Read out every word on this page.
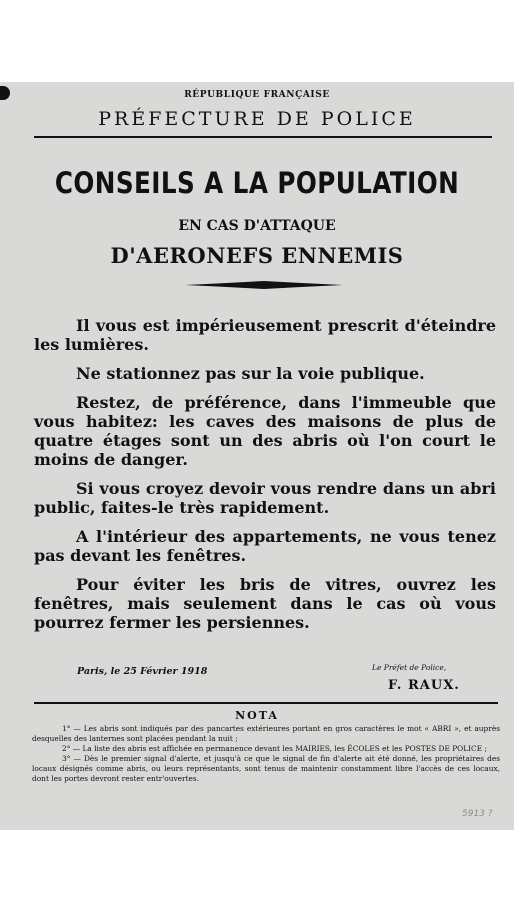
RÉPUBLIQUE FRANÇAISE
PRÉFECTURE DE POLICE
CONSEILS A LA POPULATION
EN CAS D'ATTAQUE
D'AERONEFS ENNEMIS

Il vous est impérieusement prescrit d'éteindre les lumières.

Ne stationnez pas sur la voie publique.

Restez, de préférence, dans l'immeuble que vous habitez: les caves des maisons de plus de quatre étages sont un des abris où l'on court le moins de danger.

Si vous croyez devoir vous rendre dans un abri public, faites-le très rapidement.

A l'intérieur des appartements, ne vous tenez pas devant les fenêtres.

Pour éviter les bris de vitres, ouvrez les fenêtres, mais seulement dans le cas où vous pourrez fermer les persiennes.

Paris, le 25 Février 1918	Le Préfet de Police,
F. RAUX.
NOTA

1° — Les abris sont indiqués par des pancartes extérieures portant en gros caractères le mot « ABRI », et auprès desquelles des lanternes sont placées pendant la nuit ;

2° — La liste des abris est affichée en permanence devant les MAIRIES, les ÉCOLES et les POSTES DE POLICE ;

3° — Dès le premier signal d'alerte, et jusqu'à ce que le signal de fin d'alerte ait été donné, les propriétaires des locaux désignés comme abris, ou leurs représentants, sont tenus de maintenir constamment libre l'accès de ces locaux, dont les portes devront rester entr'ouvertes.

5913 ?
